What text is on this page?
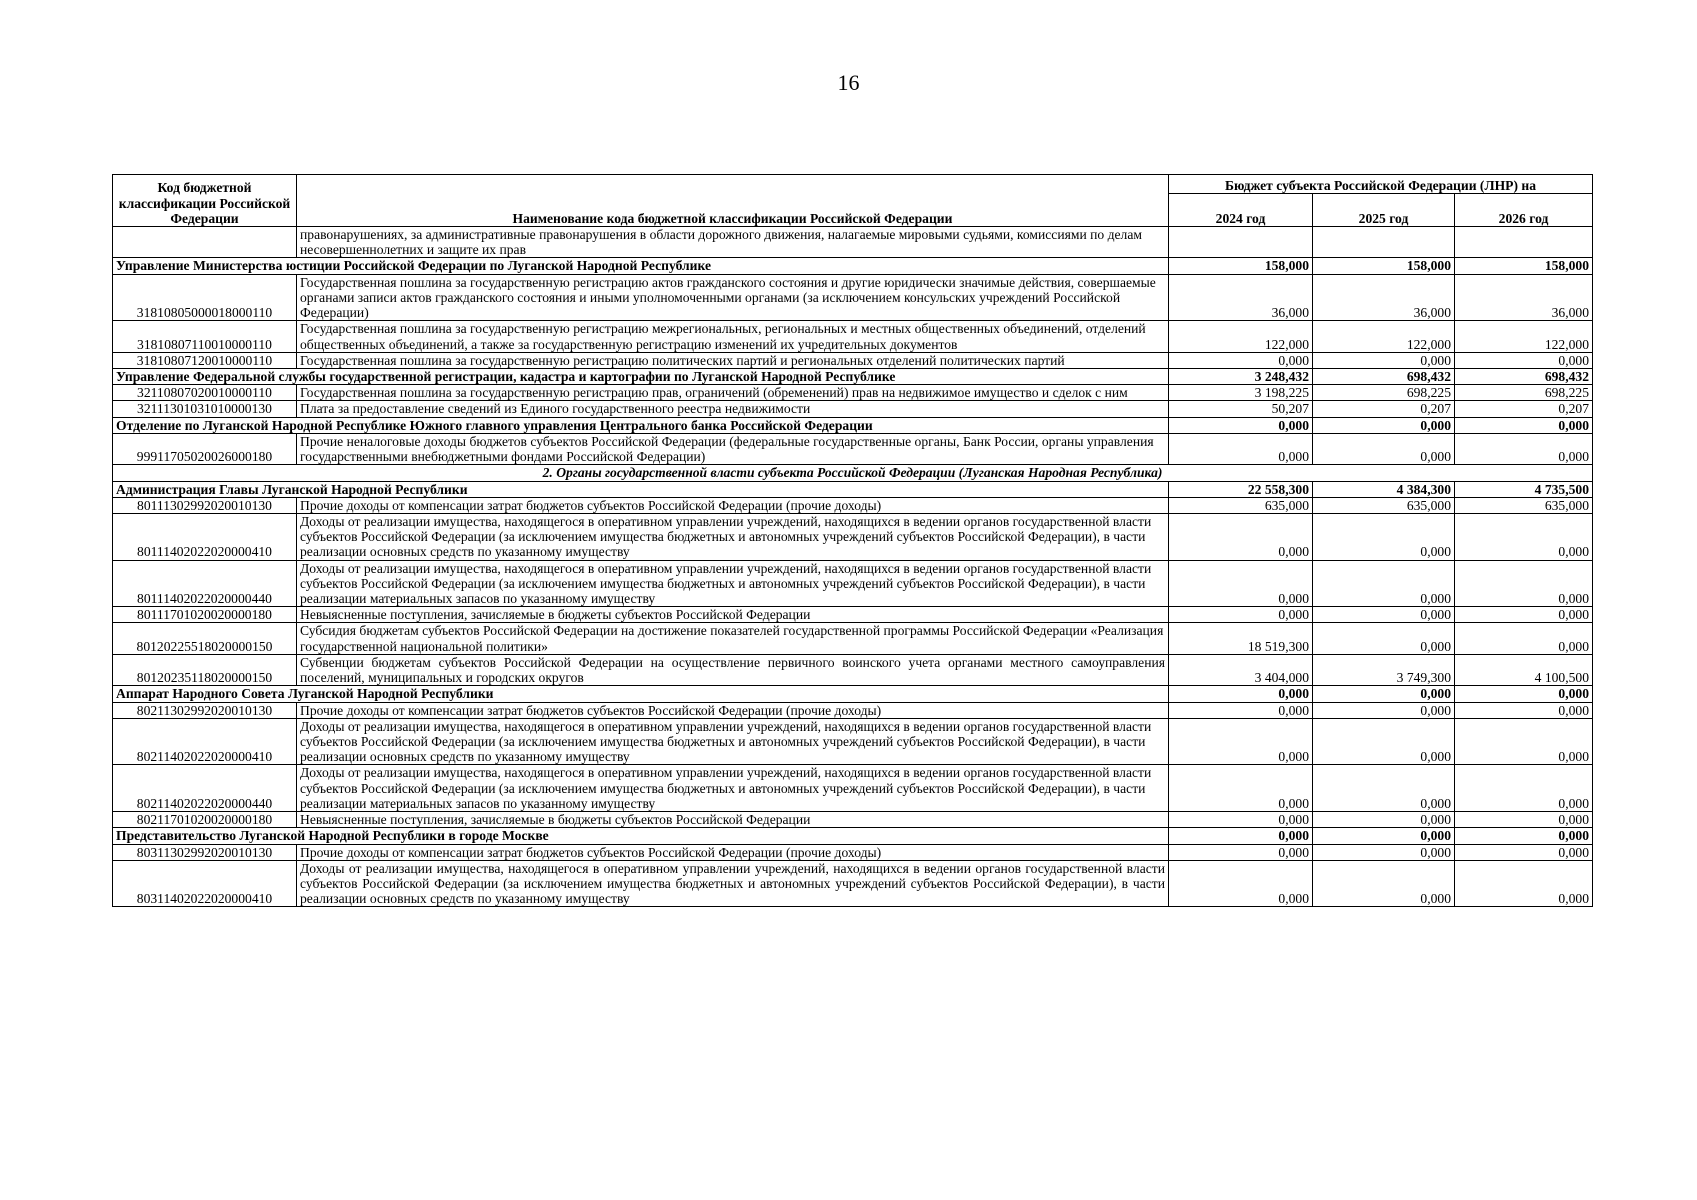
16
Код бюджетной классификации Российской Федерации	Наименование кода бюджетной классификации Российской Федерации	Бюджет субъекта Российской Федерации (ЛНР) на		
		2024 год	2025 год	2026 год
	правонарушениях, за административные правонарушения в области дорожного движения, налагаемые мировыми судьями, комиссиями по делам несовершеннолетних и защите их прав			
Управление Министерства юстиции Российской Федерации по Луганской Народной Республике		158,000	158,000	158,000
31810805000018000110	Государственная пошлина за государственную регистрацию актов гражданского состояния и другие юридически значимые действия, совершаемые органами записи актов гражданского состояния и иными уполномоченными органами (за исключением консульских учреждений Российской Федерации)	36,000	36,000	36,000
31810807110010000110	Государственная пошлина за государственную регистрацию межрегиональных, региональных и местных общественных объединений, отделений общественных объединений, а также за государственную регистрацию изменений их учредительных документов	122,000	122,000	122,000
31810807120010000110	Государственная пошлина за государственную регистрацию политических партий и региональных отделений политических партий	0,000	0,000	0,000
Управление Федеральной службы государственной регистрации, кадастра и картографии по Луганской Народной Республике		3 248,432	698,432	698,432
32110807020010000110	Государственная пошлина за государственную регистрацию прав, ограничений (обременений) прав на недвижимое имущество и сделок с ним	3 198,225	698,225	698,225
32111301031010000130	Плата за предоставление сведений из Единого государственного реестра недвижимости	50,207	0,207	0,207
Отделение по Луганской Народной Республике Южного главного управления Центрального банка Российской Федерации		0,000	0,000	0,000
99911705020026000180	Прочие неналоговые доходы бюджетов субъектов Российской Федерации (федеральные государственные органы, Банк России, органы управления государственными внебюджетными фондами Российской Федерации)	0,000	0,000	0,000
2. Органы государственной власти субъекта Российской Федерации (Луганская Народная Республика)				
Администрация Главы Луганской Народной Республики		22 558,300	4 384,300	4 735,500
80111302992020010130	Прочие доходы от компенсации затрат бюджетов субъектов Российской Федерации (прочие доходы)	635,000	635,000	635,000
80111402022020000410	Доходы от реализации имущества, находящегося в оперативном управлении учреждений, находящихся в ведении органов государственной власти субъектов Российской Федерации (за исключением имущества бюджетных и автономных учреждений субъектов Российской Федерации), в части реализации основных средств по указанному имуществу	0,000	0,000	0,000
80111402022020000440	Доходы от реализации имущества, находящегося в оперативном управлении учреждений, находящихся в ведении органов государственной власти субъектов Российской Федерации (за исключением имущества бюджетных и автономных учреждений субъектов Российской Федерации), в части реализации материальных запасов по указанному имуществу	0,000	0,000	0,000
80111701020020000180	Невыясненные поступления, зачисляемые в бюджеты субъектов Российской Федерации	0,000	0,000	0,000
80120225518020000150	Субсидия бюджетам субъектов Российской Федерации на достижение показателей государственной программы Российской Федерации «Реализация государственной национальной политики»	18 519,300	0,000	0,000
80120235118020000150	Субвенции бюджетам субъектов Российской Федерации на осуществление первичного воинского учета органами местного самоуправления поселений, муниципальных и городских округов	3 404,000	3 749,300	4 100,500
Аппарат Народного Совета Луганской Народной Республики		0,000	0,000	0,000
80211302992020010130	Прочие доходы от компенсации затрат бюджетов субъектов Российской Федерации (прочие доходы)	0,000	0,000	0,000
80211402022020000410	Доходы от реализации имущества, находящегося в оперативном управлении учреждений, находящихся в ведении органов государственной власти субъектов Российской Федерации (за исключением имущества бюджетных и автономных учреждений субъектов Российской Федерации), в части реализации основных средств по указанному имуществу	0,000	0,000	0,000
80211402022020000440	Доходы от реализации имущества, находящегося в оперативном управлении учреждений, находящихся в ведении органов государственной власти субъектов Российской Федерации (за исключением имущества бюджетных и автономных учреждений субъектов Российской Федерации), в части реализации материальных запасов по указанному имуществу	0,000	0,000	0,000
80211701020020000180	Невыясненные поступления, зачисляемые в бюджеты субъектов Российской Федерации	0,000	0,000	0,000
Представительство Луганской Народной Республики в городе Москве		0,000	0,000	0,000
80311302992020010130	Прочие доходы от компенсации затрат бюджетов субъектов Российской Федерации (прочие доходы)	0,000	0,000	0,000
80311402022020000410	Доходы от реализации имущества, находящегося в оперативном управлении учреждений, находящихся в ведении органов государственной власти субъектов Российской Федерации (за исключением имущества бюджетных и автономных учреждений субъектов Российской Федерации), в части реализации основных средств по указанному имуществу	0,000	0,000	0,000
